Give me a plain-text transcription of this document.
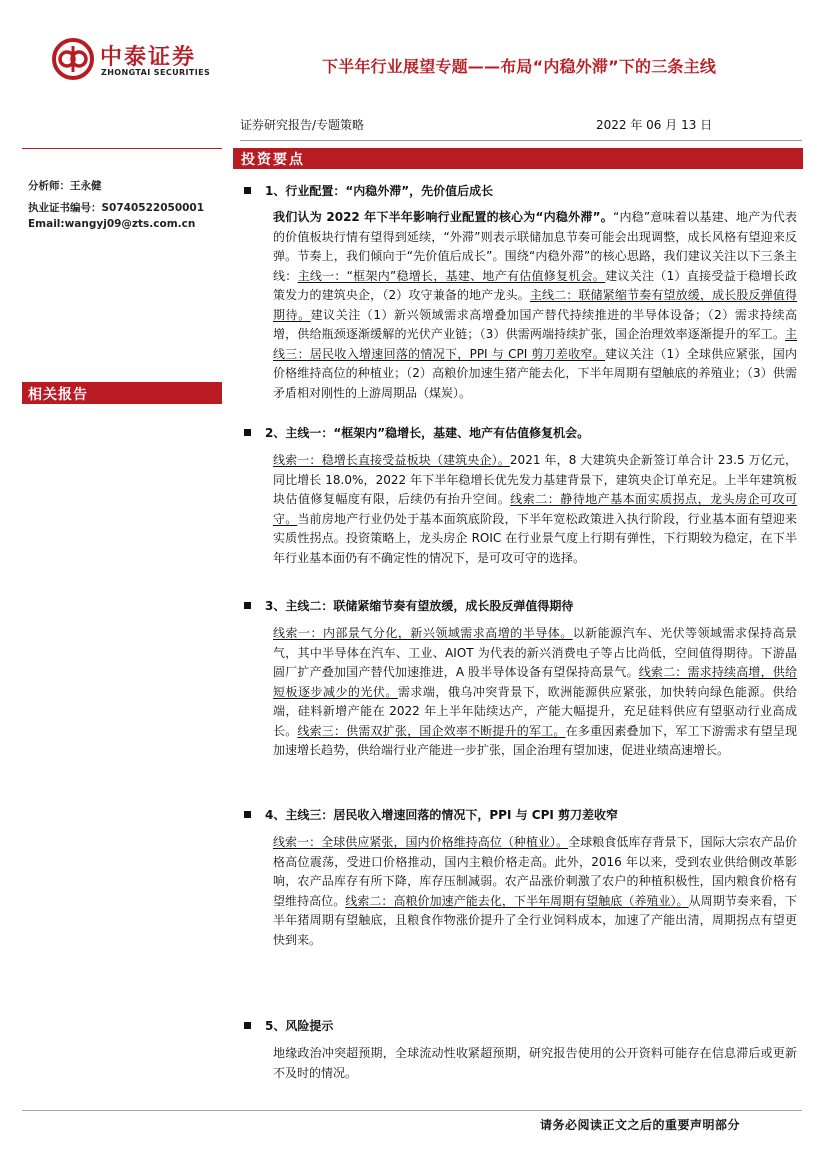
中泰证券
ZHONGTAI SECURITIES	下半年行业展望专题——布局“内稳外滞”下的三条主线
证券研究报告/专题策略	2022 年 06 月 13 日
分析师：王永健
执业证书编号：S0740522050001
Email:wangyj09@zts.com.cn
相关报告
投资要点
1、行业配置：“内稳外滞”，先价值后成长
我们认为 2022 年下半年影响行业配置的核心为“内稳外滞”。“内稳”意味着以基建、地产为代表的价值板块行情有望得到延续，“外滞”则表示联储加息节奏可能会出现调整，成长风格有望迎来反弹。节奏上，我们倾向于“先价值后成长”。围绕“内稳外滞”的核心思路，我们建议关注以下三条主线：主线一：“框架内”稳增长，基建、地产有估值修复机会。建议关注（1）直接受益于稳增长政策发力的建筑央企，（2）攻守兼备的地产龙头。主线二：联储紧缩节奏有望放缓，成长股反弹值得期待。建议关注（1）新兴领域需求高增叠加国产替代持续推进的半导体设备；（2）需求持续高增，供给瓶颈逐渐缓解的光伏产业链；（3）供需两端持续扩张，国企治理效率逐渐提升的军工。主线三：居民收入增速回落的情况下，PPI 与 CPI 剪刀差收窄。建议关注（1）全球供应紧张，国内价格维持高位的种植业；（2）高粮价加速生猪产能去化，下半年周期有望触底的养殖业；（3）供需矛盾相对刚性的上游周期品（煤炭）。
2、主线一：“框架内”稳增长，基建、地产有估值修复机会。
线索一：稳增长直接受益板块（建筑央企）。2021 年，8 大建筑央企新签订单合计 23.5 万亿元，同比增长 18.0%，2022 年下半年稳增长优先发力基建背景下，建筑央企订单充足。上半年建筑板块估值修复幅度有限，后续仍有抬升空间。线索二：静待地产基本面实质拐点，龙头房企可攻可守。当前房地产行业仍处于基本面筑底阶段，下半年宽松政策进入执行阶段，行业基本面有望迎来实质性拐点。投资策略上，龙头房企 ROIC 在行业景气度上行期有弹性，下行期较为稳定，在下半年行业基本面仍有不确定性的情况下，是可攻可守的选择。
3、主线二：联储紧缩节奏有望放缓，成长股反弹值得期待
线索一：内部景气分化，新兴领域需求高增的半导体。以新能源汽车、光伏等领域需求保持高景气，其中半导体在汽车、工业、AIOT 为代表的新兴消费电子等占比尚低，空间值得期待。下游晶圆厂扩产叠加国产替代加速推进，A 股半导体设备有望保持高景气。线索二：需求持续高增，供给短板逐步减少的光伏。需求端，俄乌冲突背景下，欧洲能源供应紧张，加快转向绿色能源。供给端，硅料新增产能在 2022 年上半年陆续达产，产能大幅提升，充足硅料供应有望驱动行业高成长。线索三：供需双扩张，国企效率不断提升的军工。在多重因素叠加下，军工下游需求有望呈现加速增长趋势，供给端行业产能进一步扩张，国企治理有望加速，促进业绩高速增长。
4、主线三：居民收入增速回落的情况下，PPI 与 CPI 剪刀差收窄
线索一：全球供应紧张，国内价格维持高位（种植业）。全球粮食低库存背景下，国际大宗农产品价格高位震荡，受进口价格推动，国内主粮价格走高。此外，2016 年以来，受到农业供给侧改革影响，农产品库存有所下降，库存压制减弱。农产品涨价刺激了农户的种植积极性，国内粮食价格有望维持高位。线索二：高粮价加速产能去化，下半年周期有望触底（养殖业）。从周期节奏来看，下半年猪周期有望触底，且粮食作物涨价提升了全行业饲料成本，加速了产能出清，周期拐点有望更快到来。
5、风险提示
地缘政治冲突超预期，全球流动性收紧超预期，研究报告使用的公开资料可能存在信息滞后或更新不及时的情况。
请务必阅读正文之后的重要声明部分
